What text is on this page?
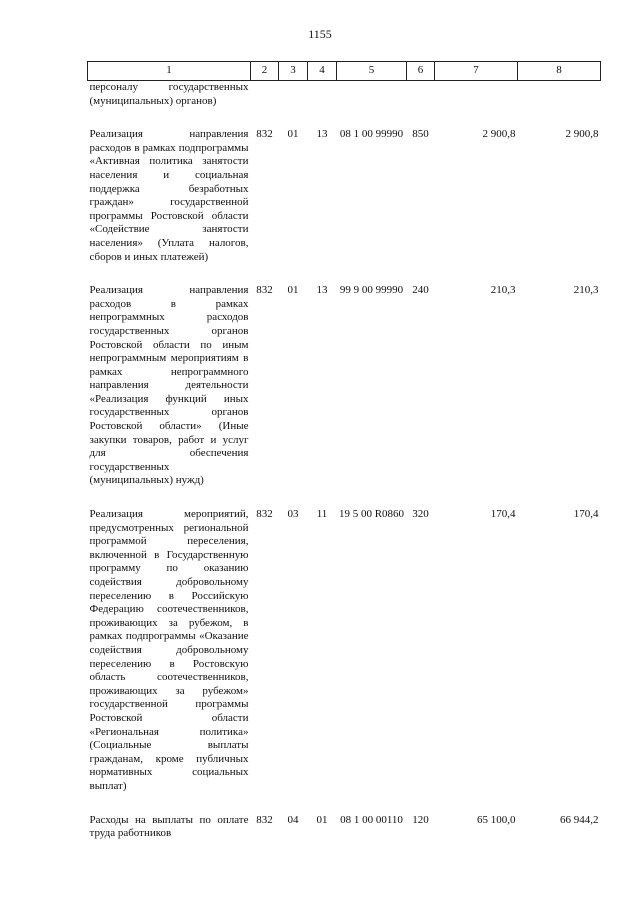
1155
1	2	3	4	5	6	7	8
персоналу государственных (муниципальных) органов)							

Реализация направления расходов в рамках подпрограммы «Активная политика занятости населения и социальная поддержка безработных граждан» государственной программы Ростовской области «Содействие занятости населения» (Уплата налогов, сборов и иных платежей)	832	01	13	08 1 00 99990	850	2 900,8	2 900,8

Реализация направления расходов в рамках непрограммных расходов государственных органов Ростовской области по иным непрограммным мероприятиям в рамках непрограммного направления деятельности «Реализация функций иных государственных органов Ростовской области» (Иные закупки товаров, работ и услуг для обеспечения государственных (муниципальных) нужд)	832	01	13	99 9 00 99990	240	210,3	210,3

Реализация мероприятий, предусмотренных региональной программой переселения, включенной в Государственную программу по оказанию содействия добровольному переселению в Российскую Федерацию соотечественников, проживающих за рубежом, в рамках подпрограммы «Оказание содействия добровольному переселению в Ростовскую область соотечественников, проживающих за рубежом» государственной программы Ростовской области «Региональная политика» (Социальные выплаты гражданам, кроме публичных нормативных социальных выплат)	832	03	11	19 5 00 R0860	320	170,4	170,4

Расходы на выплаты по оплате труда работников	832	04	01	08 1 00 00110	120	65 100,0	66 944,2
